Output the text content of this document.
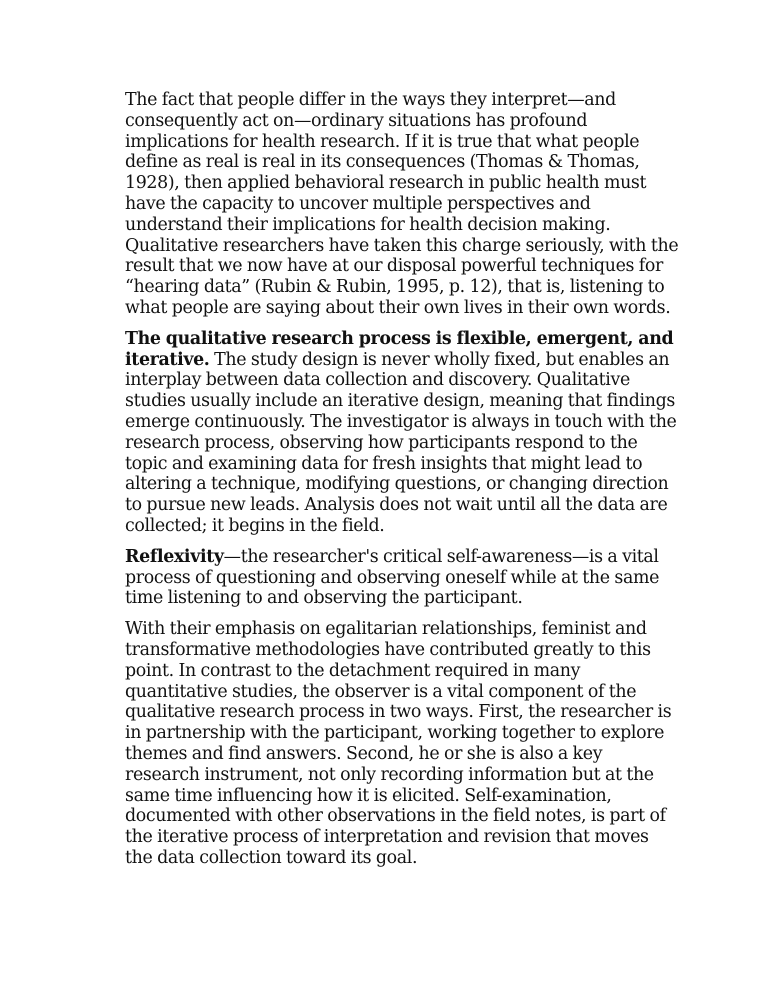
The fact that people differ in the ways they interpret—and consequently act on—ordinary situations has profound implications for health research. If it is true that what people define as real is real in its consequences (Thomas & Thomas, 1928), then applied behavioral research in public health must have the capacity to uncover multiple perspectives and understand their implications for health decision making. Qualitative researchers have taken this charge seriously, with the result that we now have at our disposal powerful techniques for “hearing data” (Rubin & Rubin, 1995, p. 12), that is, listening to what people are saying about their own lives in their own words.

The qualitative research process is flexible, emergent, and iterative. The study design is never wholly fixed, but enables an interplay between data collection and discovery. Qualitative studies usually include an iterative design, meaning that findings emerge continuously. The investigator is always in touch with the research process, observing how participants respond to the topic and examining data for fresh insights that might lead to altering a technique, modifying questions, or changing direction to pursue new leads. Analysis does not wait until all the data are collected; it begins in the field.

Reflexivity—the researcher's critical self-awareness—is a vital process of questioning and observing oneself while at the same time listening to and observing the participant.

With their emphasis on egalitarian relationships, feminist and transformative methodologies have contributed greatly to this point. In contrast to the detachment required in many quantitative studies, the observer is a vital component of the qualitative research process in two ways. First, the researcher is in partnership with the participant, working together to explore themes and find answers. Second, he or she is also a key research instrument, not only recording information but at the same time influencing how it is elicited. Self-examination, documented with other observations in the field notes, is part of the iterative process of interpretation and revision that moves the data collection toward its goal.
